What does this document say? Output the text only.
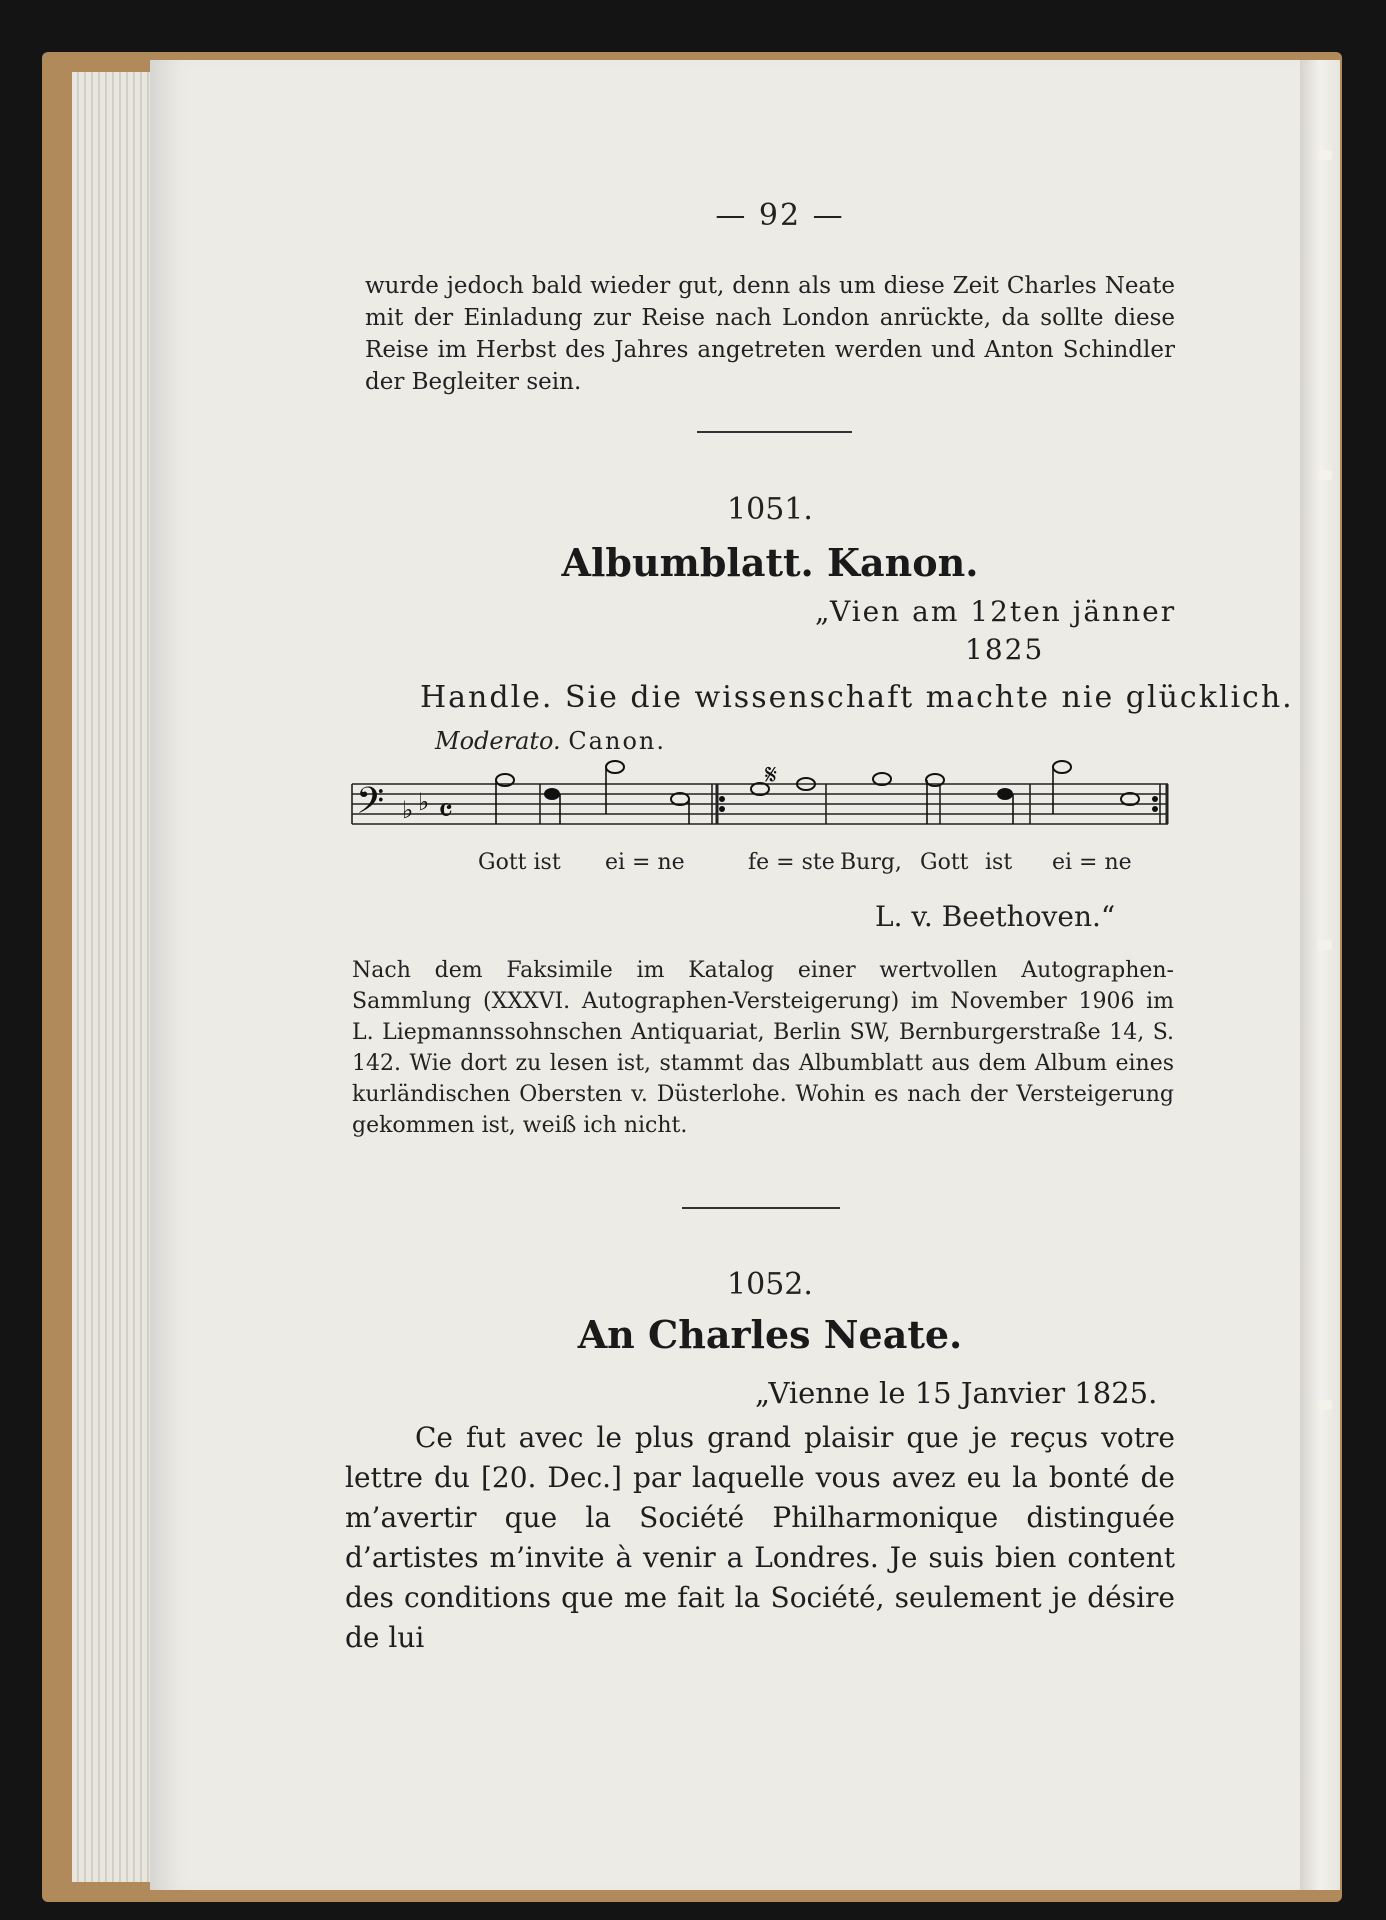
— 92 —
wurde jedoch bald wieder gut, denn als um diese Zeit Charles Neate mit der Einladung zur Reise nach London anrückte, da sollte diese Reise im Herbst des Jahres angetreten werden und Anton Schindler der Begleiter sein.
1051.
Albumblatt. Kanon.
„Vien am 12ten jänner
1825
Handle. Sie die wissenschaft machte nie glücklich.
Moderato. Canon.
𝄢 ♭ ♭ 𝄴
𝄋
Gott ist ei = ne	fe = ste Burg, Gott ist ei = ne
L. v. Beethoven.“
Nach dem Faksimile im Katalog einer wertvollen Autographen-Sammlung (XXXVI. Autographen-Versteigerung) im November 1906 im L. Liepmannssohnschen Antiquariat, Berlin SW, Bernburgerstraße 14, S. 142. Wie dort zu lesen ist, stammt das Albumblatt aus dem Album eines kurländischen Obersten v. Düsterlohe. Wohin es nach der Versteigerung gekommen ist, weiß ich nicht.
1052.
An Charles Neate.
„Vienne le 15 Janvier 1825.
Ce fut avec le plus grand plaisir que je reçus votre lettre du [20. Dec.] par laquelle vous avez eu la bonté de m’avertir que la Société Philharmonique distinguée d’artistes m’invite à venir a Londres. Je suis bien content des conditions que me fait la Société, seulement je désire de lui
